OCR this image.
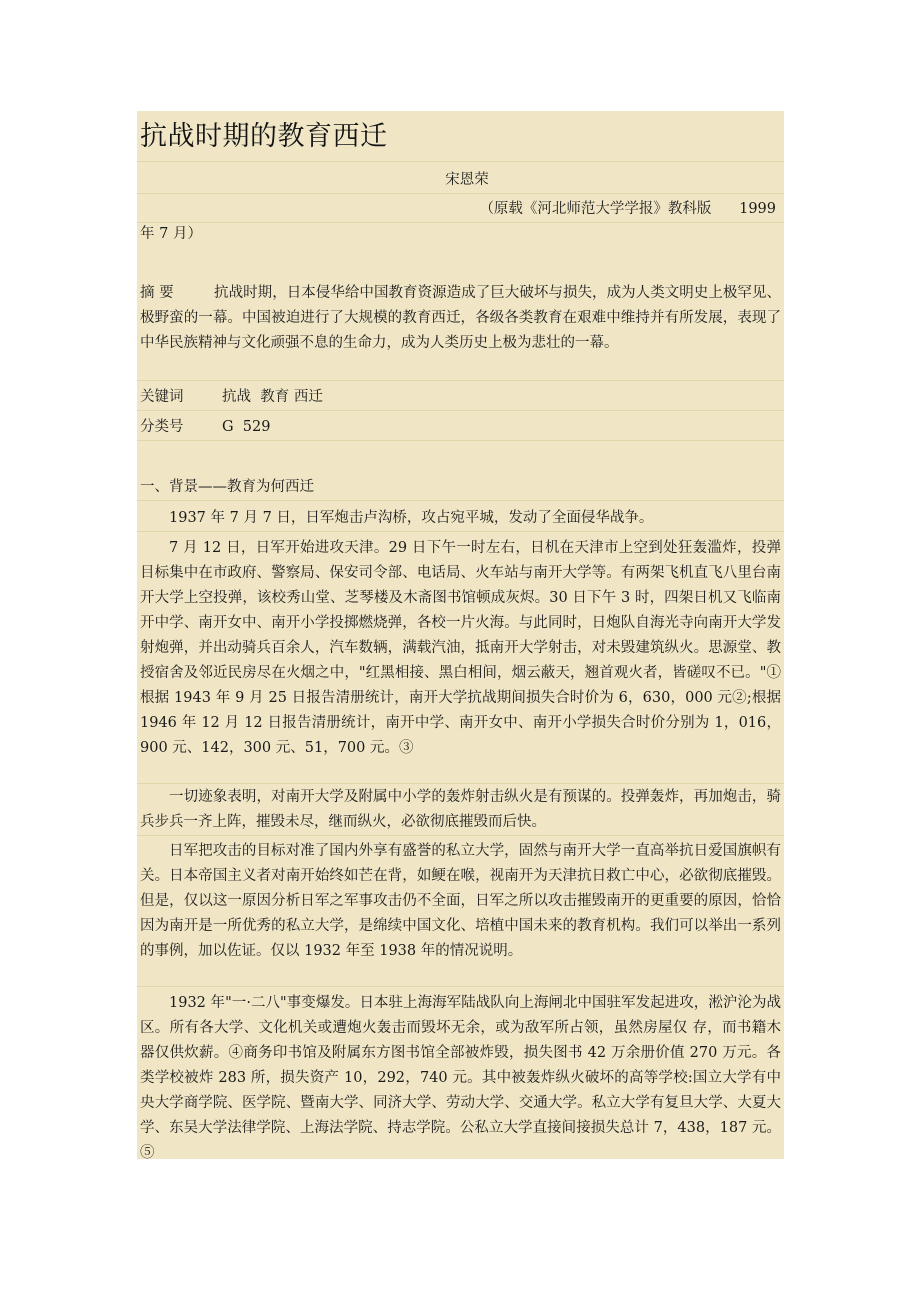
抗战时期的教育西迁
宋恩荣
（原载《河北师范大学学报》教科版      1999
年 7 月）
摘 要	抗战时期，日本侵华给中国教育资源造成了巨大破坏与损失，成为人类文明史上极罕见、极野蛮的一幕。中国被迫进行了大规模的教育西迁，各级各类教育在艰难中维持并有所发展，表现了中华民族精神与文化顽强不息的生命力，成为人类历史上极为悲壮的一幕。
关键词	抗战  教育 西迁
分类号	G  529
一、背景——教育为何西迁
1937 年 7 月 7 日，日军炮击卢沟桥，攻占宛平城，发动了全面侵华战争。
7 月 12 日，日军开始进攻天津。29 日下午一时左右，日机在天津市上空到处狂轰滥炸，投弹目标集中在市政府、警察局、保安司令部、电话局、火车站与南开大学等。有两架飞机直飞八里台南开大学上空投弹，该校秀山堂、芝琴楼及木斋图书馆顿成灰烬。30 日下午 3 时，四架日机又飞临南开中学、南开女中、南开小学投掷燃烧弹，各校一片火海。与此同时，日炮队自海光寺向南开大学发射炮弹，并出动骑兵百余人，汽车数辆，满载汽油，抵南开大学射击，对未毁建筑纵火。思源堂、教授宿舍及邻近民房尽在火烟之中，"红黑相接、黑白相间，烟云蔽天，翘首观火者，皆磋叹不已。"①根据 1943 年 9 月 25 日报告清册统计，南开大学抗战期间损失合时价为 6，630，000 元②;根据 1946 年 12 月 12 日报告清册统计，南开中学、南开女中、南开小学损失合时价分别为 1，016，900 元、142，300 元、51，700 元。③
一切迹象表明，对南开大学及附属中小学的轰炸射击纵火是有预谋的。投弹轰炸，再加炮击，骑兵步兵一齐上阵，摧毁未尽，继而纵火，必欲彻底摧毁而后快。
日军把攻击的目标对准了国内外享有盛誉的私立大学，固然与南开大学一直高举抗日爱国旗帜有关。日本帝国主义者对南开始终如芒在背，如鲠在喉，视南开为天津抗日救亡中心，必欲彻底摧毁。但是，仅以这一原因分析日军之军事攻击仍不全面，日军之所以攻击摧毁南开的更重要的原因，恰恰因为南开是一所优秀的私立大学，是绵续中国文化、培植中国未来的教育机构。我们可以举出一系列的事例，加以佐证。仅以 1932 年至 1938 年的情况说明。
1932 年"一·二八"事变爆发。日本驻上海海军陆战队向上海闸北中国驻军发起进攻，淞沪沦为战区。所有各大学、文化机关或遭炮火轰击而毁坏无余，或为敌军所占领，虽然房屋仅 存，而书籍木器仅供炊薪。④商务印书馆及附属东方图书馆全部被炸毁，损失图书 42 万余册价值 270 万元。各类学校被炸 283 所，损失资产 10，292，740 元。其中被轰炸纵火破坏的高等学校:国立大学有中央大学商学院、医学院、暨南大学、同济大学、劳动大学、交通大学。私立大学有复旦大学、大夏大学、东吴大学法律学院、上海法学院、持志学院。公私立大学直接间接损失总计 7，438，187 元。⑤
